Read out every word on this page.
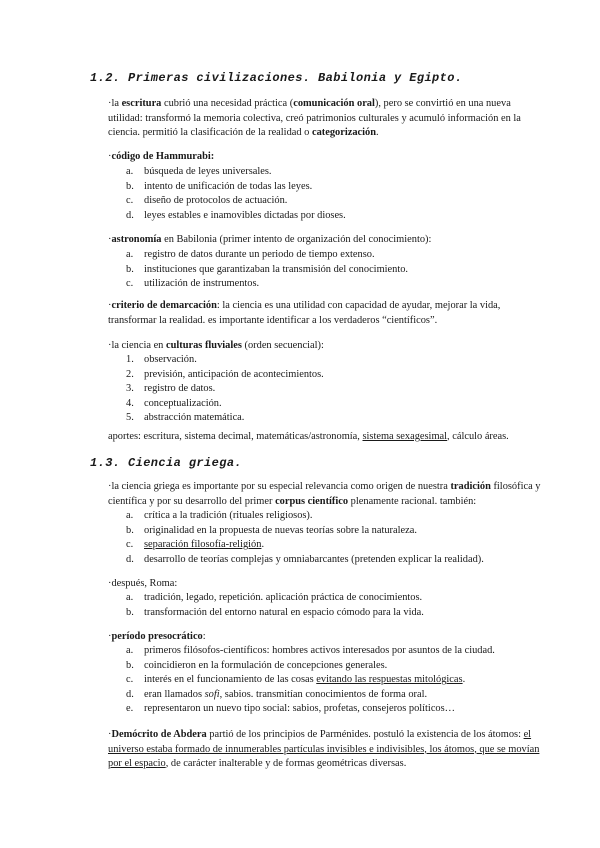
1.2. Primeras civilizaciones. Babilonia y Egipto.

·la escritura cubrió una necesidad práctica (comunicación oral), pero se convirtió en una nueva utilidad: transformó la memoria colectiva, creó patrimonios culturales y acumuló información en la ciencia. permitió la clasificación de la realidad o categorización.

·código de Hammurabi:

a. búsqueda de leyes universales.
b. intento de unificación de todas las leyes.
c. diseño de protocolos de actuación.
d. leyes estables e inamovibles dictadas por dioses.

·astronomía en Babilonia (primer intento de organización del conocimiento):

a. registro de datos durante un periodo de tiempo extenso.
b. instituciones que garantizaban la transmisión del conocimiento.
c. utilización de instrumentos.

·criterio de demarcación: la ciencia es una utilidad con capacidad de ayudar, mejorar la vida, transformar la realidad. es importante identificar a los verdaderos “científicos”.

·la ciencia en culturas fluviales (orden secuencial):

1. observación.
2. previsión, anticipación de acontecimientos.
3. registro de datos.
4. conceptualización.
5. abstracción matemática.

aportes: escritura, sistema decimal, matemáticas/astronomía, sistema sexagesimal, cálculo áreas.

1.3. Ciencia griega.

·la ciencia griega es importante por su especial relevancia como origen de nuestra tradición filosófica y científica y por su desarrollo del primer corpus científico plenamente racional. también:

a. crítica a la tradición (rituales religiosos).
b. originalidad en la propuesta de nuevas teorías sobre la naturaleza.
c. separación filosofía-religión.
d. desarrollo de teorías complejas y omniabarcantes (pretenden explicar la realidad).

·después, Roma:

a. tradición, legado, repetición. aplicación práctica de conocimientos.
b. transformación del entorno natural en espacio cómodo para la vida.

·período presocrático:

a. primeros filósofos-científicos: hombres activos interesados por asuntos de la ciudad.
b. coincidieron en la formulación de concepciones generales.
c. interés en el funcionamiento de las cosas evitando las respuestas mitológicas.
d. eran llamados sofi, sabios. transmitían conocimientos de forma oral.
e. representaron un nuevo tipo social: sabios, profetas, consejeros políticos…

·Demócrito de Abdera partió de los principios de Parménides. postuló la existencia de los átomos: el universo estaba formado de innumerables partículas invisibles e indivisibles, los átomos, que se movían por el espacio, de carácter inalterable y de formas geométricas diversas.
